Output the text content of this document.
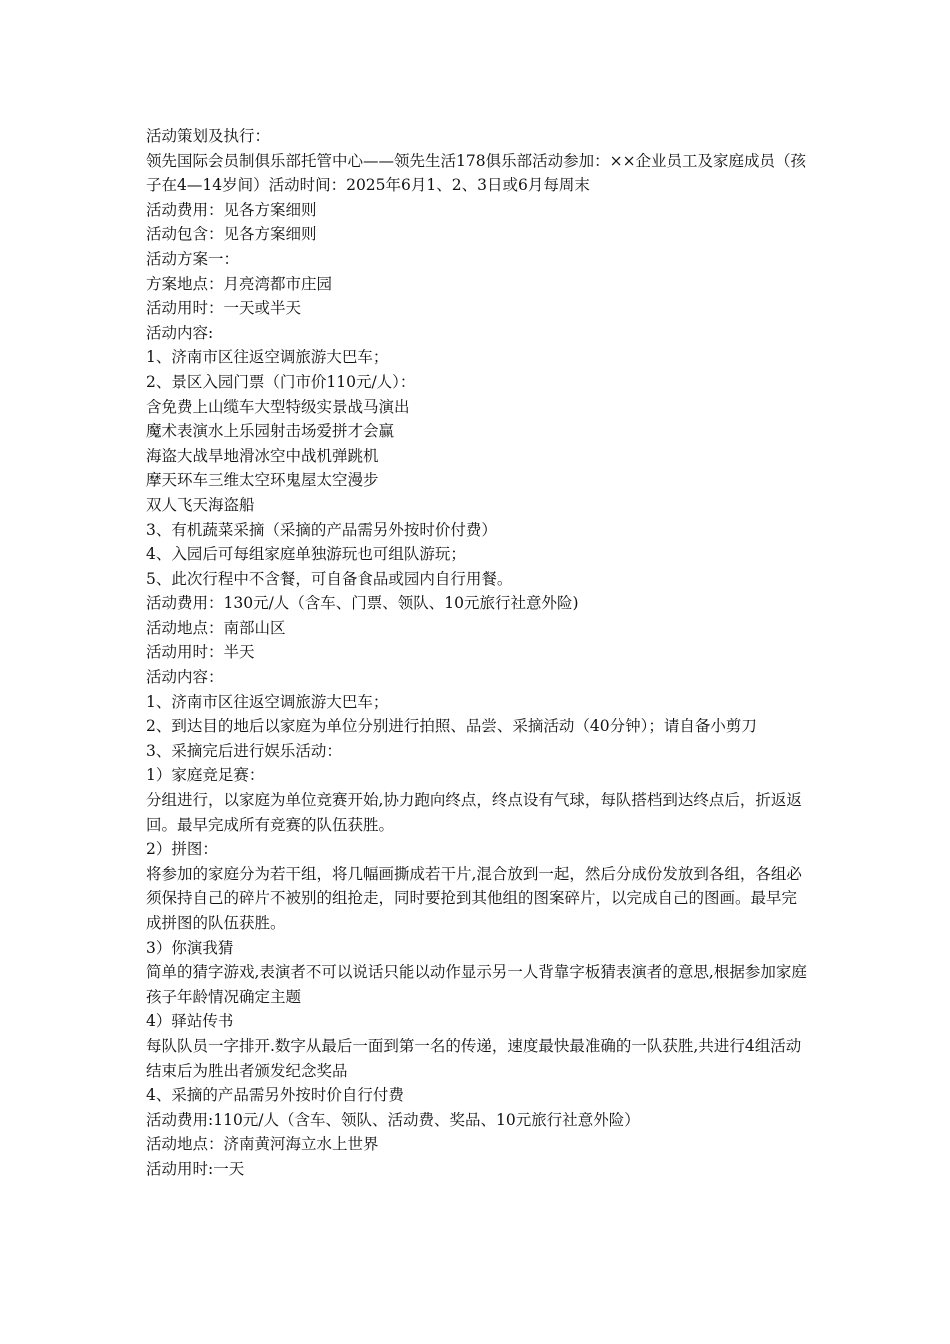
活动策划及执行：

领先国际会员制俱乐部托管中心——领先生活178俱乐部活动参加：××企业员工及家庭成员（孩子在4—14岁间）活动时间：2025年6月1、2、3日或6月每周末

活动费用：见各方案细则

活动包含：见各方案细则

活动方案一：

方案地点：月亮湾都市庄园

活动用时：一天或半天

活动内容:

1、济南市区往返空调旅游大巴车；

2、景区入园门票（门市价110元/人）：

含免费上山缆车大型特级实景战马演出

魔术表演水上乐园射击场爱拼才会赢

海盗大战旱地滑冰空中战机弹跳机

摩天环车三维太空环鬼屋太空漫步

双人飞天海盗船

3、有机蔬菜采摘（采摘的产品需另外按时价付费）

4、入园后可每组家庭单独游玩也可组队游玩；

5、此次行程中不含餐，可自备食品或园内自行用餐。

活动费用：130元/人（含车、门票、领队、10元旅行社意外险)

活动地点：南部山区

活动用时：半天

活动内容：

1、济南市区往返空调旅游大巴车；

2、到达目的地后以家庭为单位分别进行拍照、品尝、采摘活动（40分钟）；请自备小剪刀

3、采摘完后进行娱乐活动：

1）家庭竞足赛：

分组进行，以家庭为单位竞赛开始,协力跑向终点，终点设有气球，每队搭档到达终点后，折返返回。最早完成所有竞赛的队伍获胜。

2）拼图：

将参加的家庭分为若干组，将几幅画撕成若干片,混合放到一起，然后分成份发放到各组，各组必须保持自己的碎片不被别的组抢走，同时要抢到其他组的图案碎片，以完成自己的图画。最早完成拼图的队伍获胜。

3）你演我猜

简单的猜字游戏,表演者不可以说话只能以动作显示另一人背靠字板猜表演者的意思,根据参加家庭孩子年龄情况确定主题

4）驿站传书

每队队员一字排开.数字从最后一面到第一名的传递，速度最快最准确的一队获胜,共进行4组活动结束后为胜出者颁发纪念奖品

4、采摘的产品需另外按时价自行付费

活动费用:110元/人（含车、领队、活动费、奖品、10元旅行社意外险）

活动地点：济南黄河海立水上世界

活动用时:一天
